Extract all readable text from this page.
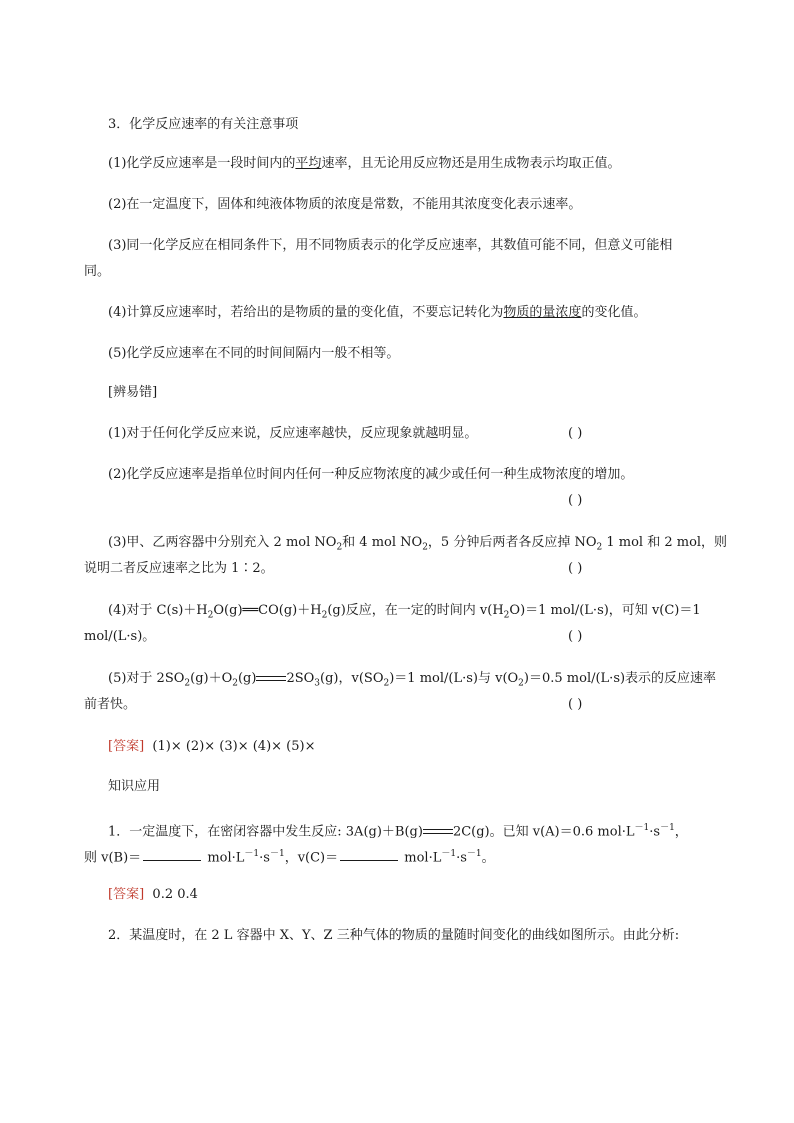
3．化学反应速率的有关注意事项
(1)化学反应速率是一段时间内的平均速率，且无论用反应物还是用生成物表示均取正值。
(2)在一定温度下，固体和纯液体物质的浓度是常数，不能用其浓度变化表示速率。
(3)同一化学反应在相同条件下，用不同物质表示的化学反应速率，其数值可能不同，但意义可能相
同。
(4)计算反应速率时，若给出的是物质的量的变化值，不要忘记转化为物质的量浓度的变化值。
(5)化学反应速率在不同的时间间隔内一般不相等。
[辨易错]
(1)对于任何化学反应来说，反应速率越快，反应现象就越明显。	( )
(2)化学反应速率是指单位时间内任何一种反应物浓度的减少或任何一种生成物浓度的增加。
( )
(3)甲、乙两容器中分别充入 2 mol $NO_2$和 4 mol $NO_2$，5 分钟后两者各反应掉 $NO_2$ 1 mol 和 2 mol，则
说明二者反应速率之比为 1∶2。	( )
(4)对于 $C(s)+H_2O(g)══CO(g)+H_2(g)$反应，在一定的时间内 $v(H_2O)=1$ mol/(L·s)，可知 v(C)＝1
mol/(L·s)。	( )
(5)对于 $2SO_2(g)+O_2(g)$ $2SO_3(g)$，$v(SO_2)=1$ mol/(L·s)与 $v(O_2)=0.5$ mol/(L·s)表示的反应速率
前者快。	( )
[答案] (1)× (2)× (3)× (4)× (5)×
知识应用
1．一定温度下，在密闭容器中发生反应: 3A(g)＋B(g) 2C(g)。已知 v(A)＝0.6 $mol\cdot L^{-1}\cdot s^{-1}$，
则 v(B)＝	$mol\cdot L^{-1}\cdot s^{-1}$，v(C)＝	$mol\cdot L^{-1}\cdot s^{-1}$。
[答案] 0.2 0.4
2．某温度时，在 2 L 容器中 X、Y、Z 三种气体的物质的量随时间变化的曲线如图所示。由此分析:
